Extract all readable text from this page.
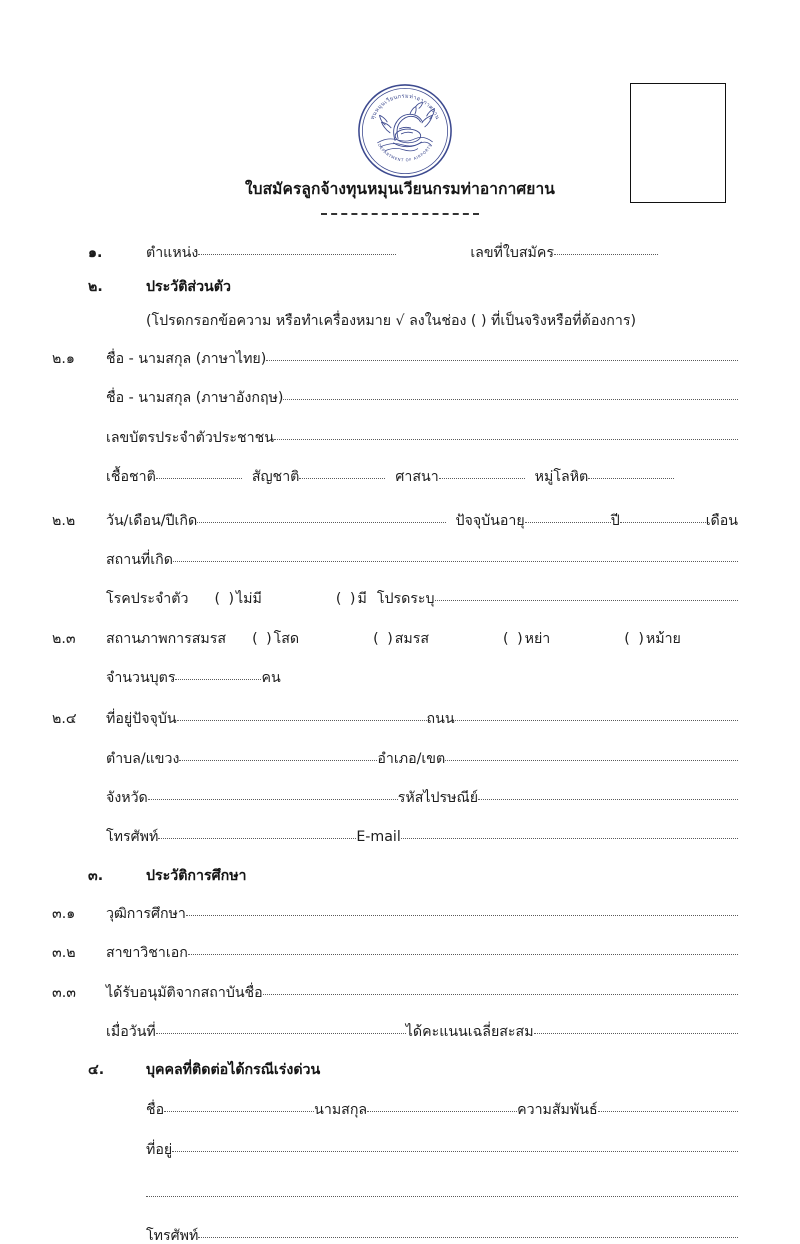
ทุนหมุนเวียนกรมท่าอากาศยาน
DEPARTMENT OF AIRPORTS
ใบสมัครลูกจ้างทุนหมุนเวียนกรมท่าอากาศยาน
๑.	ตำแหน่ง	เลขที่ใบสมัคร
๒.	ประวัติส่วนตัว
(โปรดกรอกข้อความ หรือทำเครื่องหมาย √ ลงในช่อง ( ) ที่เป็นจริงหรือที่ต้องการ)
๒.๑	ชื่อ - นามสกุล (ภาษาไทย)
ชื่อ - นามสกุล (ภาษาอังกฤษ)
เลขบัตรประจำตัวประชาชน
เชื้อชาติ	สัญชาติ	ศาสนา	หมู่โลหิต
๒.๒	วัน/เดือน/ปีเกิด	ปัจจุบันอายุ	ปี	เดือน
สถานที่เกิด
โรคประจำตัว ( ) ไม่มี	( ) มี โปรดระบุ
๒.๓	สถานภาพการสมรส ( ) โสด	( ) สมรส	( ) หย่า	( ) หม้าย
จำนวนบุตร	คน
๒.๔	ที่อยู่ปัจจุบัน	ถนน
ตำบล/แขวง	อำเภอ/เขต
จังหวัด	รหัสไปรษณีย์
โทรศัพท์	E-mail
๓.	ประวัติการศึกษา
๓.๑	วุฒิการศึกษา
๓.๒	สาขาวิชาเอก
๓.๓	ได้รับอนุมัติจากสถาบันชื่อ
เมื่อวันที่	ได้คะแนนเฉลี่ยสะสม
๔.	บุคคลที่ติดต่อได้กรณีเร่งด่วน
ชื่อ	นามสกุล	ความสัมพันธ์
ที่อยู่
โทรศัพท์
